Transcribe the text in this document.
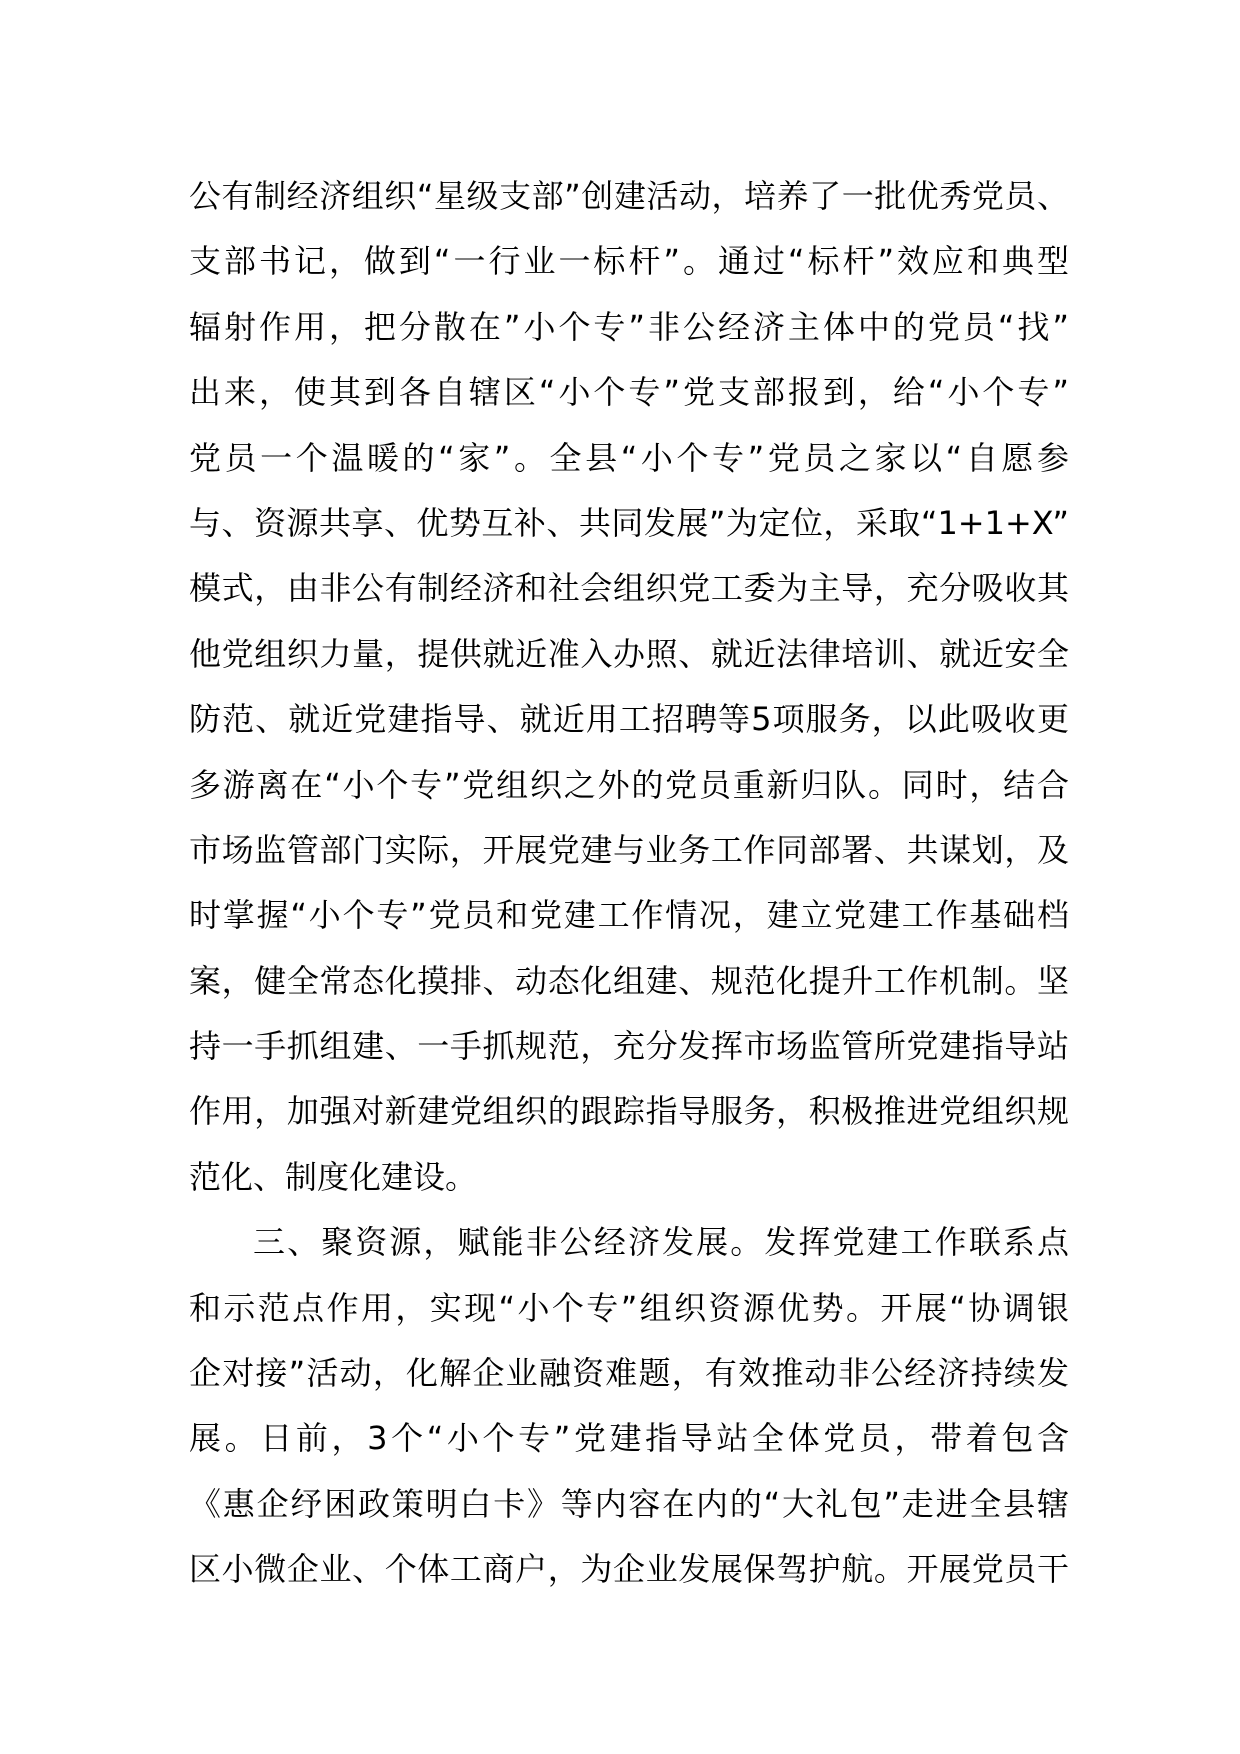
公有制经济组织“星级支部”创建活动，培养了一批优秀党员、
支部书记，做到“一行业一标杆”。通过“标杆”效应和典型
辐射作用，把分散在”小个专”非公经济主体中的党员“找”
出来，使其到各自辖区“小个专”党支部报到，给“小个专”
党员一个温暖的“家”。全县“小个专”党员之家以“自愿参
与、资源共享、优势互补、共同发展”为定位，采取“1+1+X”
模式，由非公有制经济和社会组织党工委为主导，充分吸收其
他党组织力量，提供就近准入办照、就近法律培训、就近安全
防范、就近党建指导、就近用工招聘等5项服务，以此吸收更
多游离在“小个专”党组织之外的党员重新归队。同时，结合
市场监管部门实际，开展党建与业务工作同部署、共谋划，及
时掌握“小个专”党员和党建工作情况，建立党建工作基础档
案，健全常态化摸排、动态化组建、规范化提升工作机制。坚
持一手抓组建、一手抓规范，充分发挥市场监管所党建指导站
作用，加强对新建党组织的跟踪指导服务，积极推进党组织规
范化、制度化建设。
三、聚资源，赋能非公经济发展。发挥党建工作联系点
和示范点作用，实现“小个专”组织资源优势。开展“协调银
企对接”活动，化解企业融资难题，有效推动非公经济持续发
展。日前，3个“小个专”党建指导站全体党员，带着包含
《惠企纾困政策明白卡》等内容在内的“大礼包”走进全县辖
区小微企业、个体工商户，为企业发展保驾护航。开展党员干
